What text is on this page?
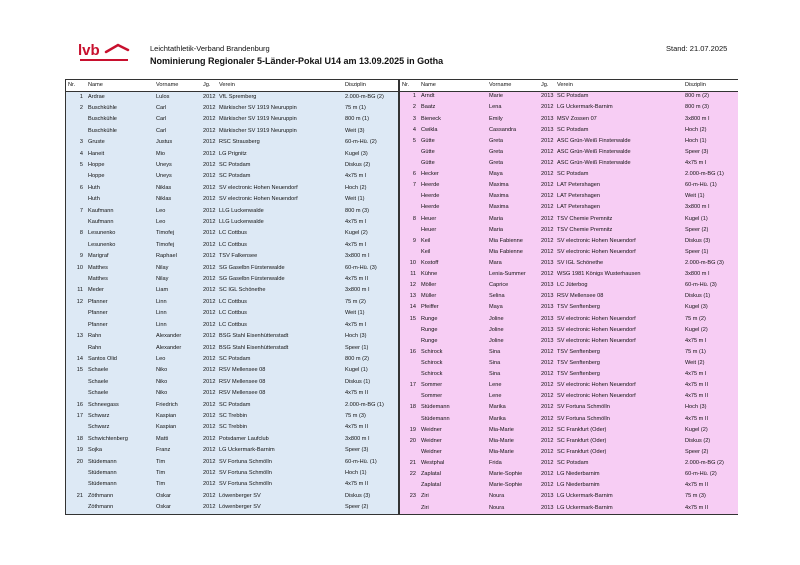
lvb	Leichtathletik-Verband Brandenburg
Nominierung Regionaler 5-Länder-Pokal U14 am 13.09.2025 in Gotha
Stand: 21.07.2025
Nr.	Name	Vorname	Jg.	Verein	Disziplin
1	Ardrae	Lulos	2012	VfL Spremberg	2.000-m-BG (2)
2	Buschkühle	Carl	2012	Märkischer SV 1919 Neuruppin	75 m (1)
	Buschkühle	Carl	2012	Märkischer SV 1919 Neuruppin	800 m (1)
	Buschkühle	Carl	2012	Märkischer SV 1919 Neuruppin	Weit (3)
3	Gruste	Justus	2012	RSC Strausberg	60-m-Hü. (2)
4	Haneit	Mio	2012	LG Prignitz	Kugel (3)
5	Hoppe	Uneys	2012	SC Potsdam	Diskus (2)
	Hoppe	Uneys	2012	SC Potsdam	4x75 m I
6	Huth	Niklas	2012	SV electronic Hohen Neuendorf	Hoch (2)
	Huth	Niklas	2012	SV electronic Hohen Neuendorf	Weit (1)
7	Kaufmann	Leo	2012	LLG Luckenwalde	800 m (3)
	Kaufmann	Leo	2012	LLG Luckenwalde	4x75 m I
8	Lesunenko	Timofej	2012	LC Cottbus	Kugel (2)
	Lesunenko	Timofej	2012	LC Cottbus	4x75 m I
9	Marigraf	Raphael	2012	TSV Falkensee	3x800 m I
10	Matthes	Nilay	2012	SG Gaselbn Fürstenwalde	60-m-Hü. (3)
	Matthes	Nilay	2012	SG Gaselbn Fürstenwalde	4x75 m II
11	Meder	Liam	2012	SC IGL Schönethe	3x800 m I
12	Pfanner	Linn	2012	LC Cottbus	75 m (2)
	Pfanner	Linn	2012	LC Cottbus	Weit (1)
	Pfanner	Linn	2012	LC Cottbus	4x75 m I
13	Rahn	Alexander	2012	BSG Stahl Eisenhüttenstadt	Hoch (3)
	Rahn	Alexander	2012	BSG Stahl Eisenhüttenstadt	Speer (1)
14	Santos Olid	Leo	2012	SC Potsdam	800 m (2)
15	Schaele	Niko	2012	RSV Mellensee 08	Kugel (1)
	Schaele	Niko	2012	RSV Mellensee 08	Diskus (1)
	Schaele	Niko	2012	RSV Mellensee 08	4x75 m II
16	Schneegass	Friedrich	2012	SC Potsdam	2.000-m-BG (1)
17	Schwarz	Kaspian	2012	SC Trebbin	75 m (3)
	Schwarz	Kaspian	2012	SC Trebbin	4x75 m II
18	Schwichtenberg	Matti	2012	Potsdamer Laufclub	3x800 m I
19	Sojka	Franz	2012	LG Uckermark-Barnim	Speer (3)
20	Stüdemann	Tim	2012	SV Fortuna Schmölln	60-m-Hü. (1)
	Stüdemann	Tim	2012	SV Fortuna Schmölln	Hoch (1)
	Stüdemann	Tim	2012	SV Fortuna Schmölln	4x75 m II
21	Zöthmann	Oskar	2012	Löwenberger SV	Diskus (3)
	Zöthmann	Oskar	2012	Löwenberger SV	Speer (2)
Nr.	Name	Vorname	Jg.	Verein	Disziplin
1	Arndt	Marie	2013	SC Potsdam	800 m (2)
2	Baatz	Lena	2012	LG Uckermark-Barnim	800 m (3)
3	Bieneck	Emily	2013	MSV Zossen 07	3x800 m I
4	Cwikla	Cassandra	2013	SC Potsdam	Hoch (2)
5	Gütte	Greta	2012	ASC Grün-Weiß Finsterwalde	Hoch (1)
	Gütte	Greta	2012	ASC Grün-Weiß Finsterwalde	Speer (3)
	Gütte	Greta	2012	ASC Grün-Weiß Finsterwalde	4x75 m I
6	Hecker	Maya	2012	SC Potsdam	2.000-m-BG (1)
7	Heerde	Maxima	2012	LAT Petershagen	60-m-Hü. (1)
	Heerde	Maxima	2012	LAT Petershagen	Weit (1)
	Heerde	Maxima	2012	LAT Petershagen	3x800 m I
8	Heuer	Maria	2012	TSV Chemie Premnitz	Kugel (1)
	Heuer	Maria	2012	TSV Chemie Premnitz	Speer (2)
9	Keil	Mia Fabienne	2012	SV electronic Hohen Neuendorf	Diskus (3)
	Keil	Mia Fabienne	2012	SV electronic Hohen Neuendorf	Speer (1)
10	Kostoff	Mara	2013	SV IGL Schönethe	2.000-m-BG (3)
11	Kühne	Lenia-Summer	2012	WSG 1981 Königs Wusterhausen	3x800 m I
12	Möller	Caprice	2013	LC Jüterbog	60-m-Hü. (3)
13	Müller	Selina	2013	RSV Mellensee 08	Diskus (1)
14	Pfeiffer	Maya	2013	TSV Senftenberg	Kugel (3)
15	Runge	Joline	2013	SV electronic Hohen Neuendorf	75 m (2)
	Runge	Joline	2013	SV electronic Hohen Neuendorf	Kugel (2)
	Runge	Joline	2013	SV electronic Hohen Neuendorf	4x75 m I
16	Schirock	Sina	2012	TSV Senftenberg	75 m (1)
	Schirock	Sina	2012	TSV Senftenberg	Weit (2)
	Schirock	Sina	2012	TSV Senftenberg	4x75 m I
17	Sommer	Lene	2012	SV electronic Hohen Neuendorf	4x75 m II
	Sommer	Lene	2012	SV electronic Hohen Neuendorf	4x75 m II
18	Stüdemann	Marika	2012	SV Fortuna Schmölln	Hoch (3)
	Stüdemann	Marika	2012	SV Fortuna Schmölln	4x75 m II
19	Weidner	Mia-Marie	2012	SC Frankfurt (Oder)	Kugel (2)
20	Weidner	Mia-Marie	2012	SC Frankfurt (Oder)	Diskus (2)
	Weidner	Mia-Marie	2012	SC Frankfurt (Oder)	Speer (2)
21	Westphal	Frida	2012	SC Potsdam	2.000-m-BG (2)
22	Zaplatal	Marie-Sophie	2012	LG Niederbarnim	60-m-Hü. (2)
	Zaplatal	Marie-Sophie	2012	LG Niederbarnim	4x75 m II
23	Ziri	Noura	2013	LG Uckermark-Barnim	75 m (3)
	Ziri	Noura	2013	LG Uckermark-Barnim	4x75 m II
